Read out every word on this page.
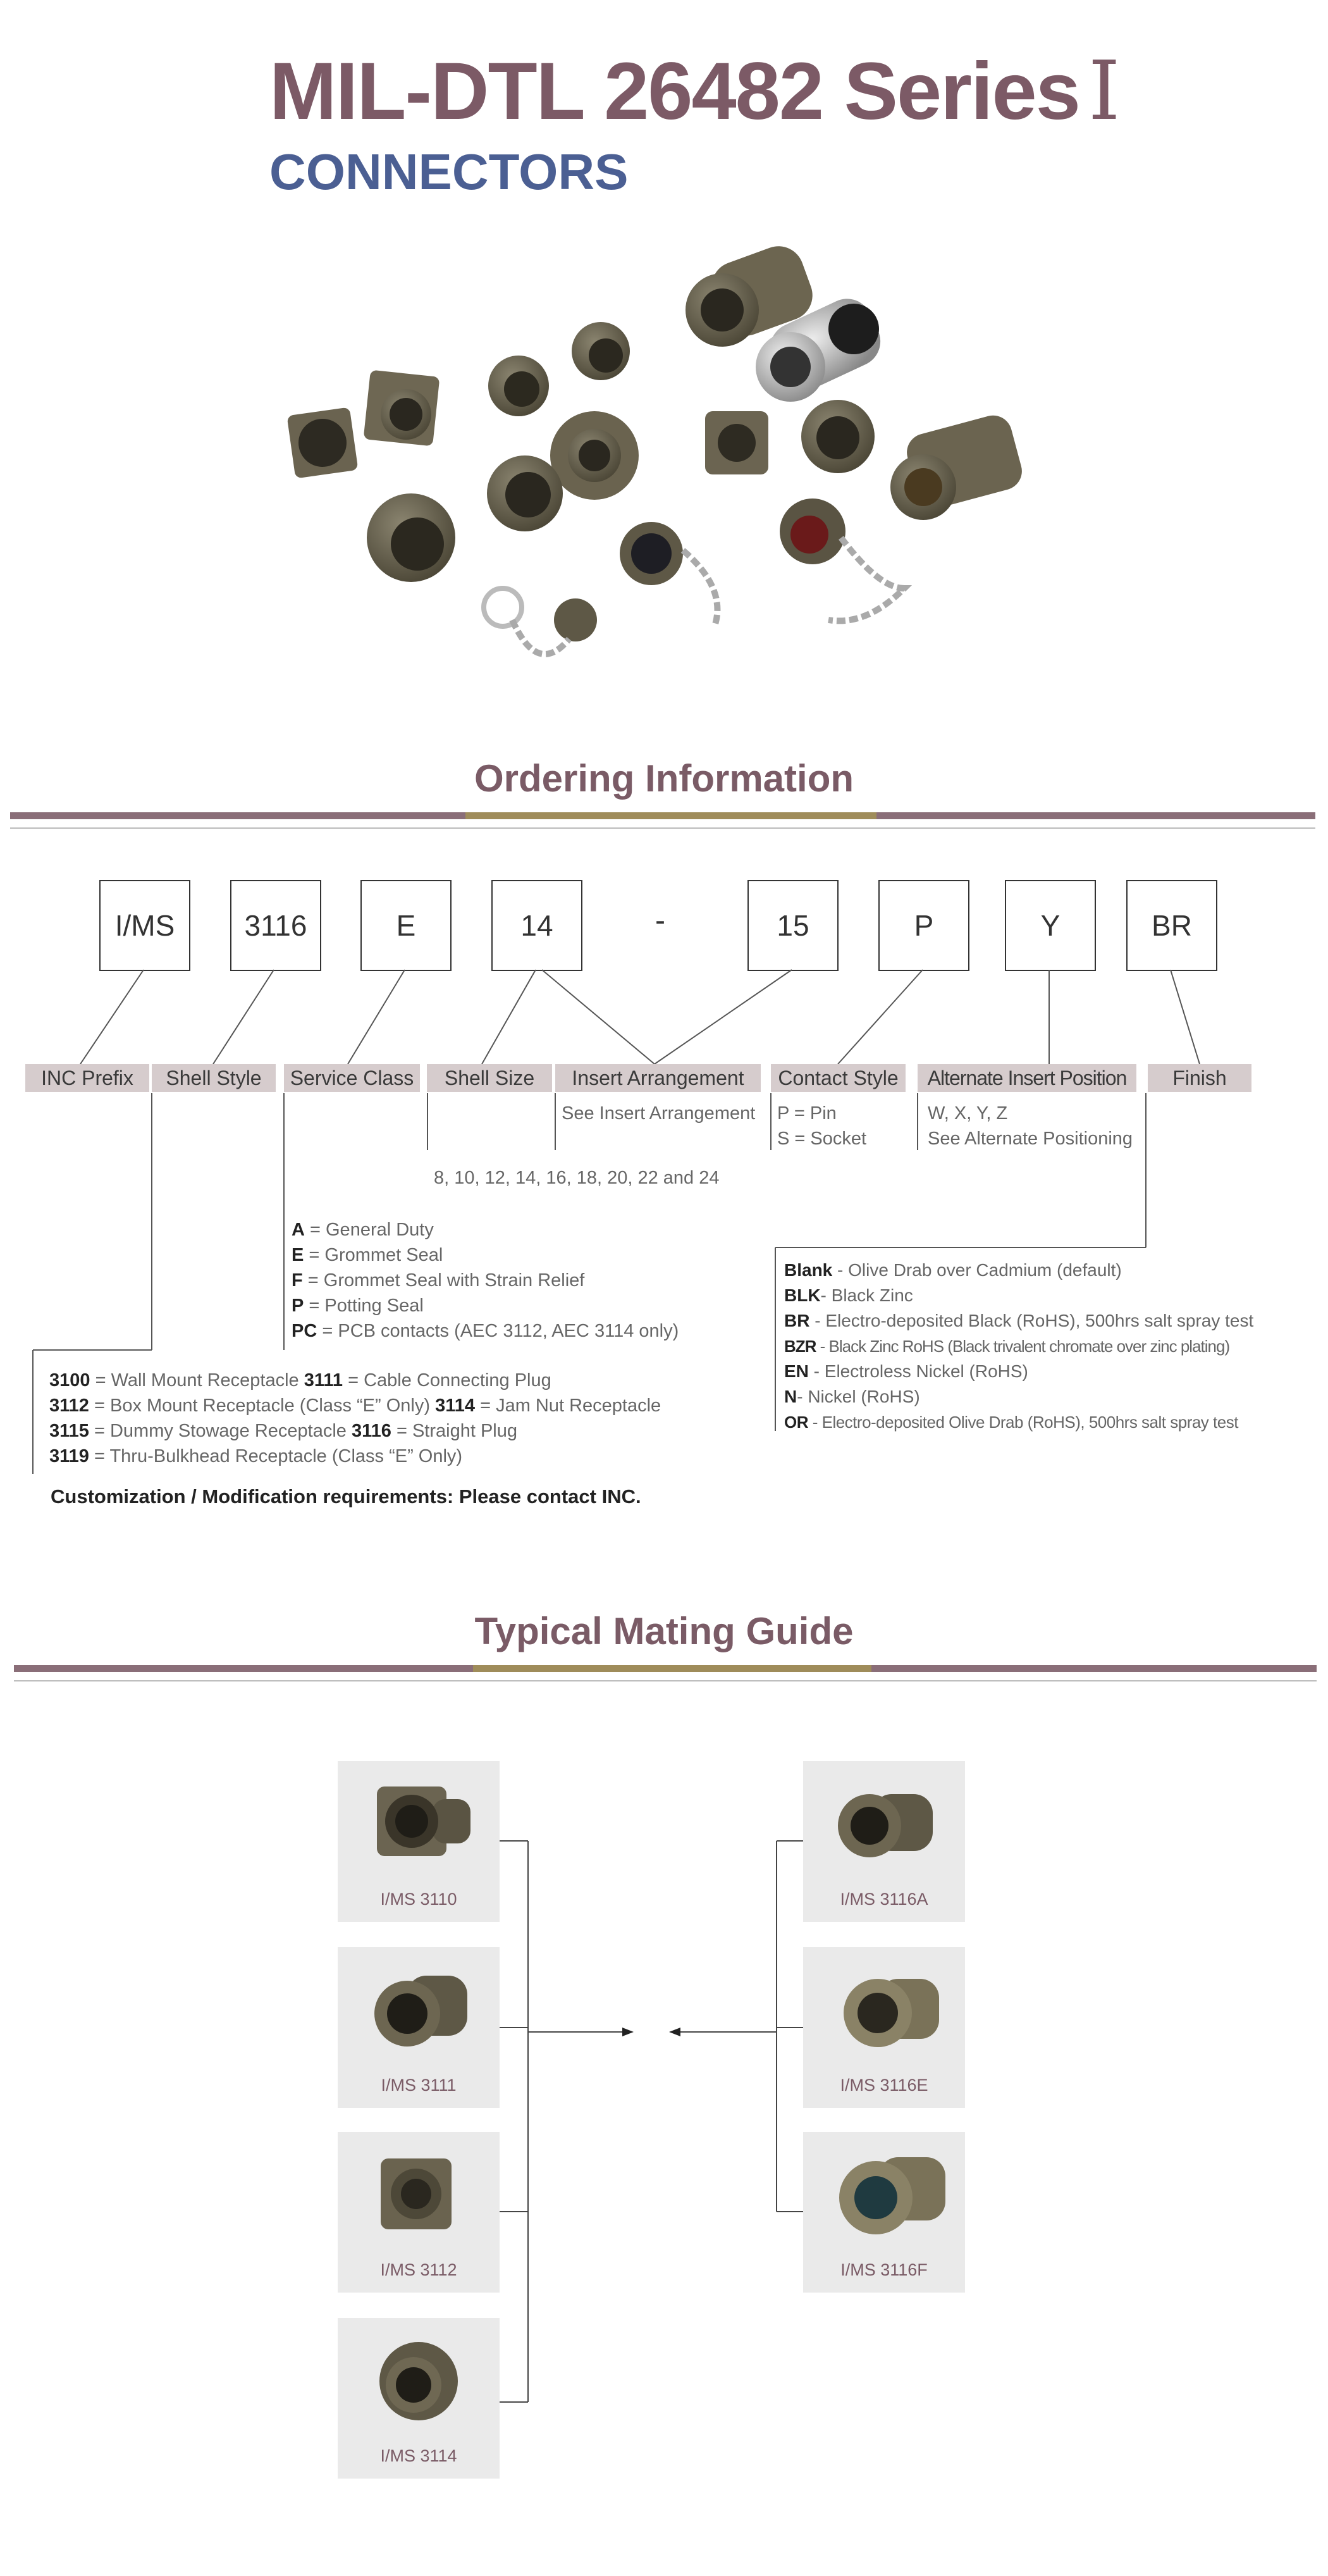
MIL-DTL 26482 Series I
CONNECTORS
Ordering Information
I/MS	3116	E	14	-	15	P	Y	BR
INC Prefix	Shell Style	Service Class	Shell Size	Insert Arrangement	Contact Style	Alternate Insert Position	Finish
See Insert Arrangement P = Pin
S = Socket
W, X, Y, Z
See Alternate Positioning
8, 10, 12, 14, 16, 18, 20, 22 and 24
A = General Duty
E = Grommet Seal
F = Grommet Seal with Strain Relief
P = Potting Seal
PC = PCB contacts (AEC 3112, AEC 3114 only)
3100 = Wall Mount Receptacle 3111 = Cable Connecting Plug
3112 = Box Mount Receptacle (Class “E” Only) 3114 = Jam Nut Receptacle
3115 = Dummy Stowage Receptacle 3116 = Straight Plug
3119 = Thru-Bulkhead Receptacle (Class “E” Only)
Blank - Olive Drab over Cadmium (default)
BLK- Black Zinc
BR - Electro-deposited Black (RoHS), 500hrs salt spray test
BZR - Black Zinc RoHS (Black trivalent chromate over zinc plating)
EN - Electroless Nickel (RoHS)
N- Nickel (RoHS)
OR - Electro-deposited Olive Drab (RoHS), 500hrs salt spray test
Customization / Modification requirements: Please contact INC.
Typical Mating Guide
I/MS 3110
I/MS 3111
I/MS 3112
I/MS 3114
I/MS 3116A
I/MS 3116E
I/MS 3116F
